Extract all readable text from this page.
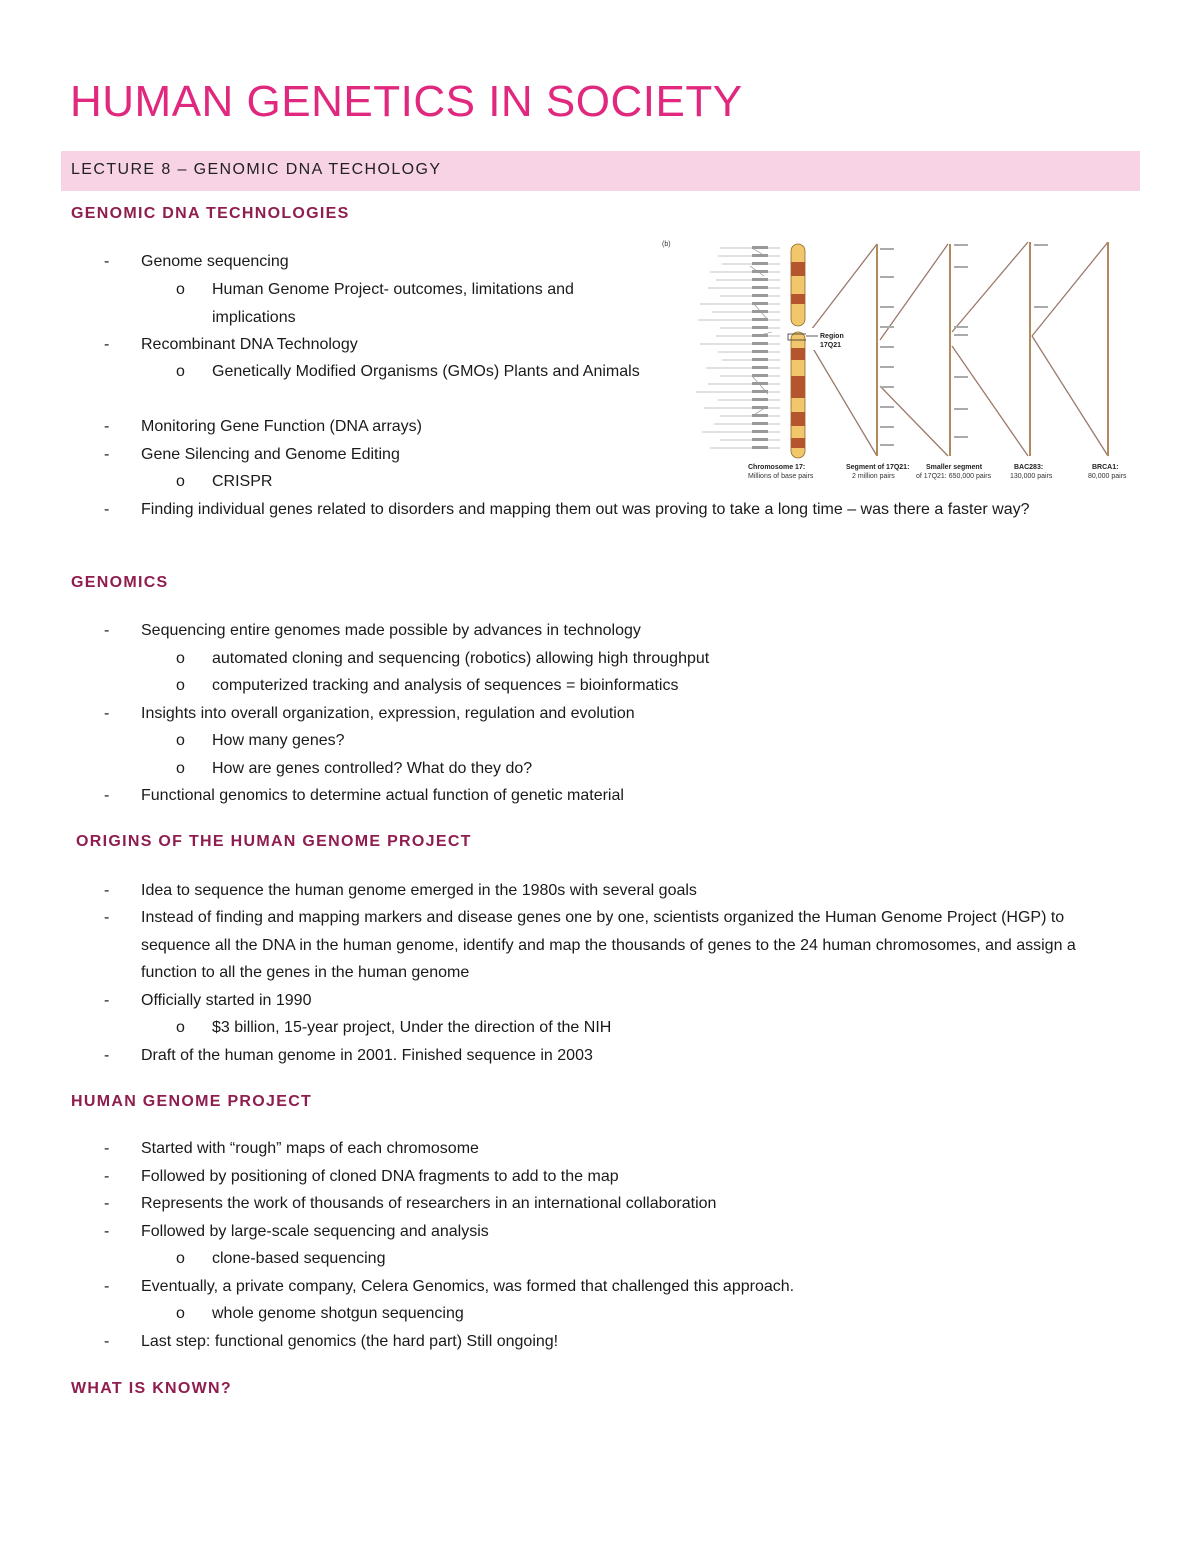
HUMAN GENETICS IN SOCIETY
LECTURE 8 – GENOMIC DNA TECHOLOGY
GENOMIC DNA TECHNOLOGIES
- Genome sequencing
o Human Genome Project- outcomes, limitations and implications
- Recombinant DNA Technology
o Genetically Modified Organisms (GMOs) Plants and Animals
- Monitoring Gene Function (DNA arrays)
- Gene Silencing and Genome Editing
o CRISPR
- Finding individual genes related to disorders and mapping them out was proving to take a long time – was there a faster way?
(b)
Region
17Q21
Chromosome 17:
Millions of base pairs
Segment of 17Q21:
2 million pairs
Smaller segment
of 17Q21: 650,000 pairs
BAC283:
130,000 pairs
BRCA1:
80,000 pairs
GENOMICS
- Sequencing entire genomes made possible by advances in technology
o automated cloning and sequencing (robotics) allowing high throughput
o computerized tracking and analysis of sequences = bioinformatics
- Insights into overall organization, expression, regulation and evolution
o How many genes?
o How are genes controlled? What do they do?
- Functional genomics to determine actual function of genetic material
ORIGINS OF THE HUMAN GENOME PROJECT
- Idea to sequence the human genome emerged in the 1980s with several goals
- Instead of finding and mapping markers and disease genes one by one, scientists organized the Human Genome Project (HGP) to sequence all the DNA in the human genome, identify and map the thousands of genes to the 24 human chromosomes, and assign a function to all the genes in the human genome
- Officially started in 1990
o $3 billion, 15-year project, Under the direction of the NIH
- Draft of the human genome in 2001. Finished sequence in 2003
HUMAN GENOME PROJECT
- Started with “rough” maps of each chromosome
- Followed by positioning of cloned DNA fragments to add to the map
- Represents the work of thousands of researchers in an international collaboration
- Followed by large-scale sequencing and analysis
o clone-based sequencing
- Eventually, a private company, Celera Genomics, was formed that challenged this approach.
o whole genome shotgun sequencing
- Last step: functional genomics (the hard part) Still ongoing!
WHAT IS KNOWN?
